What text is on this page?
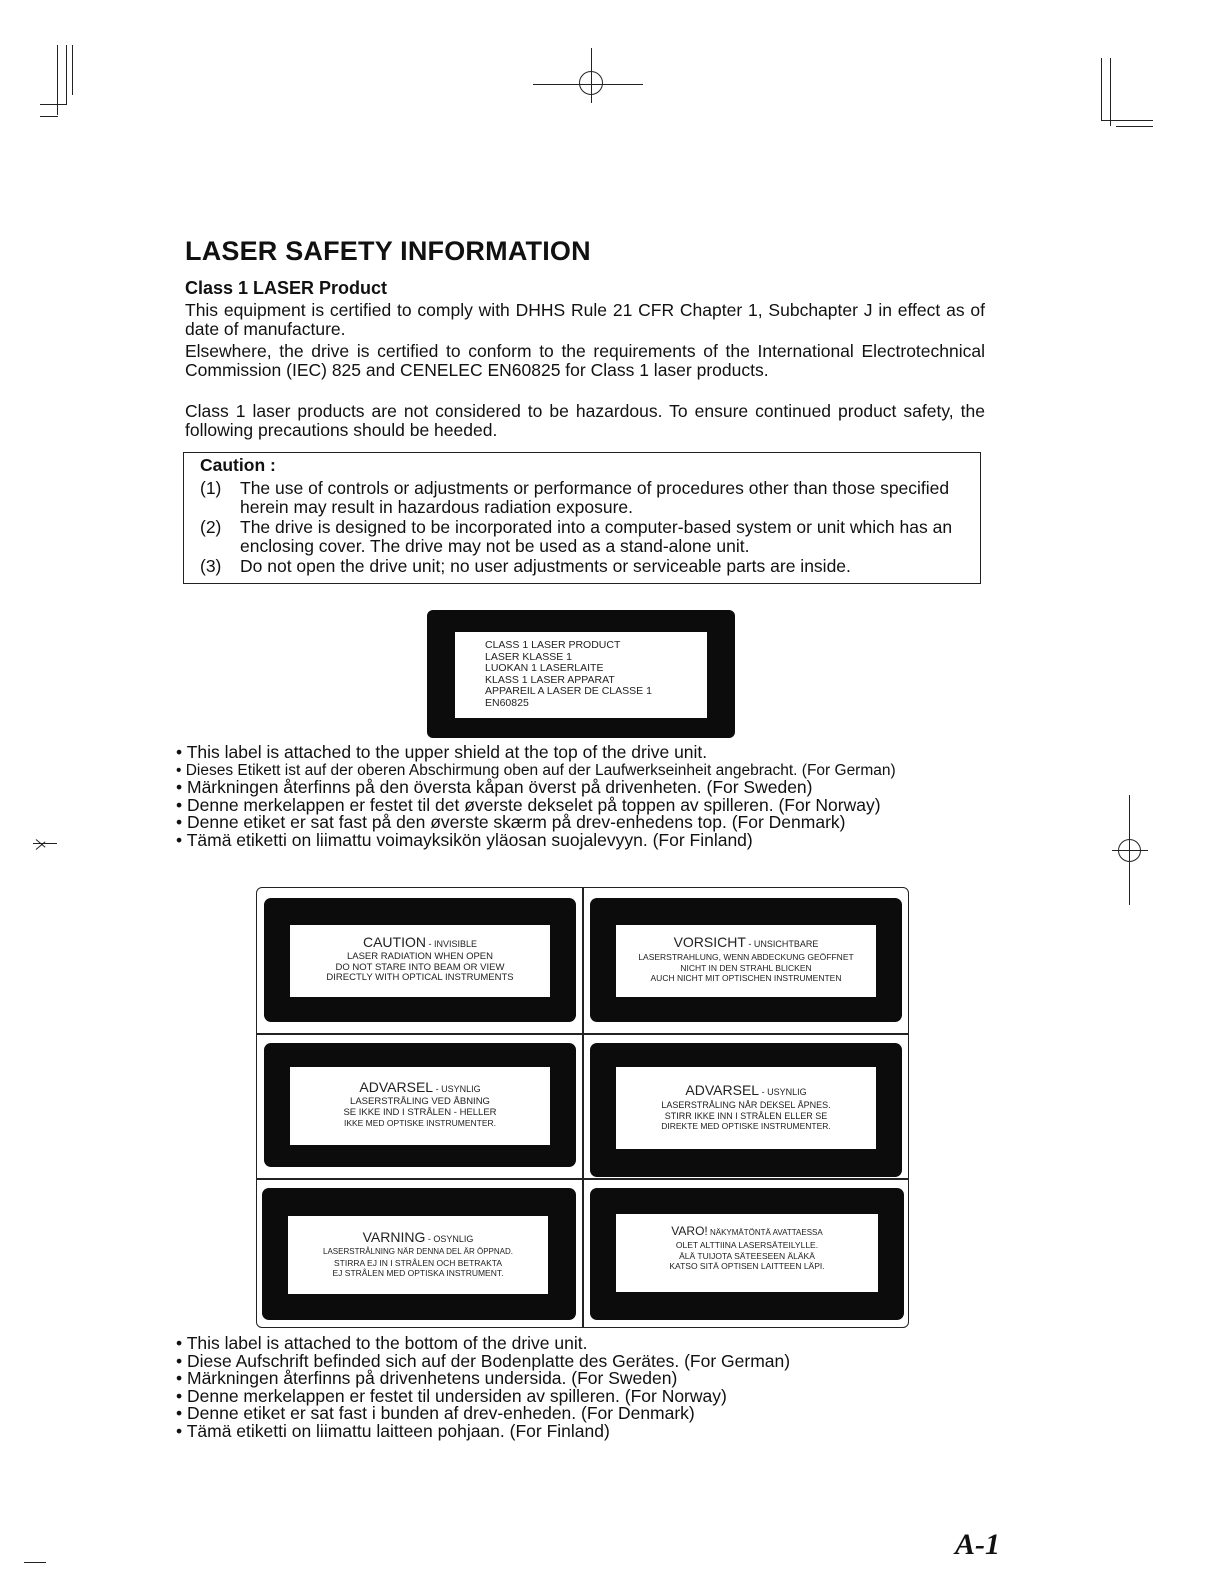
LASER SAFETY INFORMATION
Class 1 LASER Product
This equipment is certified to comply with DHHS Rule 21 CFR Chapter 1, Subchapter J in effect as of date of manufacture.
Elsewhere, the drive is certified to conform to the requirements of the International Electrotechnical Commission (IEC) 825 and CENELEC EN60825 for Class 1 laser products.
Class 1 laser products are not considered to be hazardous. To ensure continued product safety, the following precautions should be heeded.
Caution :
(1) The use of controls or adjustments or performance of procedures other than those specified herein may result in hazardous radiation exposure.
(2) The drive is designed to be incorporated into a computer-based system or unit which has an enclosing cover. The drive may not be used as a stand-alone unit.
(3) Do not open the drive unit; no user adjustments or serviceable parts are inside.
CLASS 1 LASER PRODUCT
LASER KLASSE 1
LUOKAN 1 LASERLAITE
KLASS 1 LASER APPARAT
APPAREIL A LASER DE CLASSE 1
EN60825
• This label is attached to the upper shield at the top of the drive unit.
• Dieses Etikett ist auf der oberen Abschirmung oben auf der Laufwerkseinheit angebracht. (For German)
• Märkningen återfinns på den översta kåpan överst på drivenheten. (For Sweden)
• Denne merkelappen er festet til det øverste dekselet på toppen av spilleren. (For Norway)
• Denne etiket er sat fast på den øverste skærm på drev-enhedens top. (For Denmark)
• Tämä etiketti on liimattu voimayksikön yläosan suojalevyyn. (For Finland)
CAUTION - INVISIBLE
LASER RADIATION WHEN OPEN
DO NOT STARE INTO BEAM OR VIEW
DIRECTLY WITH OPTICAL INSTRUMENTS
VORSICHT - UNSICHTBARE
LASERSTRAHLUNG, WENN ABDECKUNG GEÖFFNET
NICHT IN DEN STRAHL BLICKEN
AUCH NICHT MIT OPTISCHEN INSTRUMENTEN
ADVARSEL - USYNLIG
LASERSTRÅLING VED ÅBNING
SE IKKE IND I STRÅLEN - HELLER
IKKE MED OPTISKE INSTRUMENTER.
ADVARSEL - USYNLIG
LASERSTRÅLING NÅR DEKSEL ÅPNES.
STIRR IKKE INN I STRÅLEN ELLER SE
DIREKTE MED OPTISKE INSTRUMENTER.
VARNING - OSYNLIG
LASERSTRÅLNING NÄR DENNA DEL ÄR ÖPPNAD.
STIRRA EJ IN I STRÅLEN OCH BETRAKTA
EJ STRÅLEN MED OPTISKA INSTRUMENT.
VARO! NÄKYMÄTÖNTÄ AVATTAESSA
OLET ALTTIINA LASERSÄTEILYLLE.
ÄLÄ TUIJOTA SÄTEESEEN ÄLÄKÄ
KATSO SITÄ OPTISEN LAITTEEN LÄPI.
• This label is attached to the bottom of the drive unit.
• Diese Aufschrift befinded sich auf der Bodenplatte des Gerätes. (For German)
• Märkningen återfinns på drivenhetens undersida. (For Sweden)
• Denne merkelappen er festet til undersiden av spilleren. (For Norway)
• Denne etiket er sat fast i bunden af drev-enheden. (For Denmark)
• Tämä etiketti on liimattu laitteen pohjaan. (For Finland)
A-1
